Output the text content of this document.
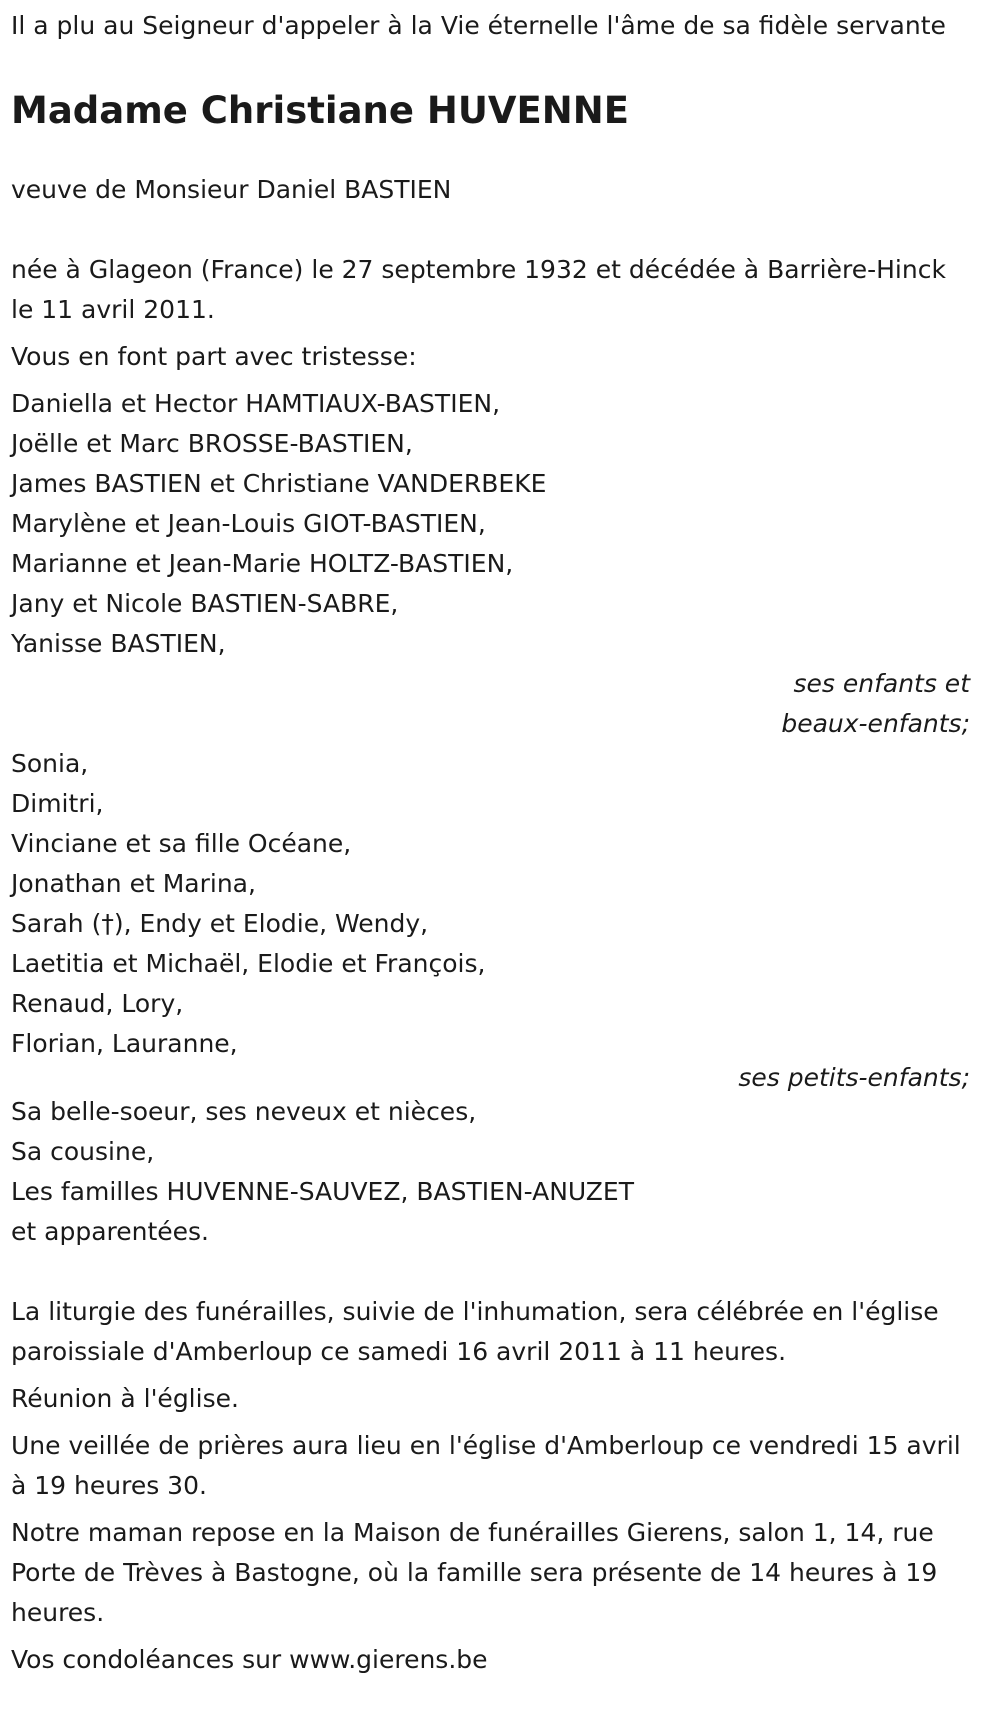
Il a plu au Seigneur d'appeler à la Vie éternelle l'âme de sa fidèle servante

Madame Christiane HUVENNE

veuve de Monsieur Daniel BASTIEN

née à Glageon (France) le 27 septembre 1932 et décédée à Barrière-Hinck le 11 avril 2011.

Vous en font part avec tristesse:

Daniella et Hector HAMTIAUX-BASTIEN,
Joëlle et Marc BROSSE-BASTIEN,
James BASTIEN et Christiane VANDERBEKE
Marylène et Jean-Louis GIOT-BASTIEN,
Marianne et Jean-Marie HOLTZ-BASTIEN,
Jany et Nicole BASTIEN-SABRE,
Yanisse BASTIEN,
ses enfants et
beaux-enfants;
Sonia,
Dimitri,
Vinciane et sa fille Océane,
Jonathan et Marina,
Sarah (†), Endy et Elodie, Wendy,
Laetitia et Michaël, Elodie et François,
Renaud, Lory,
Florian, Lauranne,
ses petits-enfants;
Sa belle-soeur, ses neveux et nièces,
Sa cousine,
Les familles HUVENNE-SAUVEZ, BASTIEN-ANUZET
et apparentées.

La liturgie des funérailles, suivie de l'inhumation, sera célébrée en l'église paroissiale d'Amberloup ce samedi 16 avril 2011 à 11 heures.

Réunion à l'église.

Une veillée de prières aura lieu en l'église d'Amberloup ce vendredi 15 avril à 19 heures 30.

Notre maman repose en la Maison de funérailles Gierens, salon 1, 14, rue Porte de Trèves à Bastogne, où la famille sera présente de 14 heures à 19 heures.

Vos condoléances sur www.gierens.be
